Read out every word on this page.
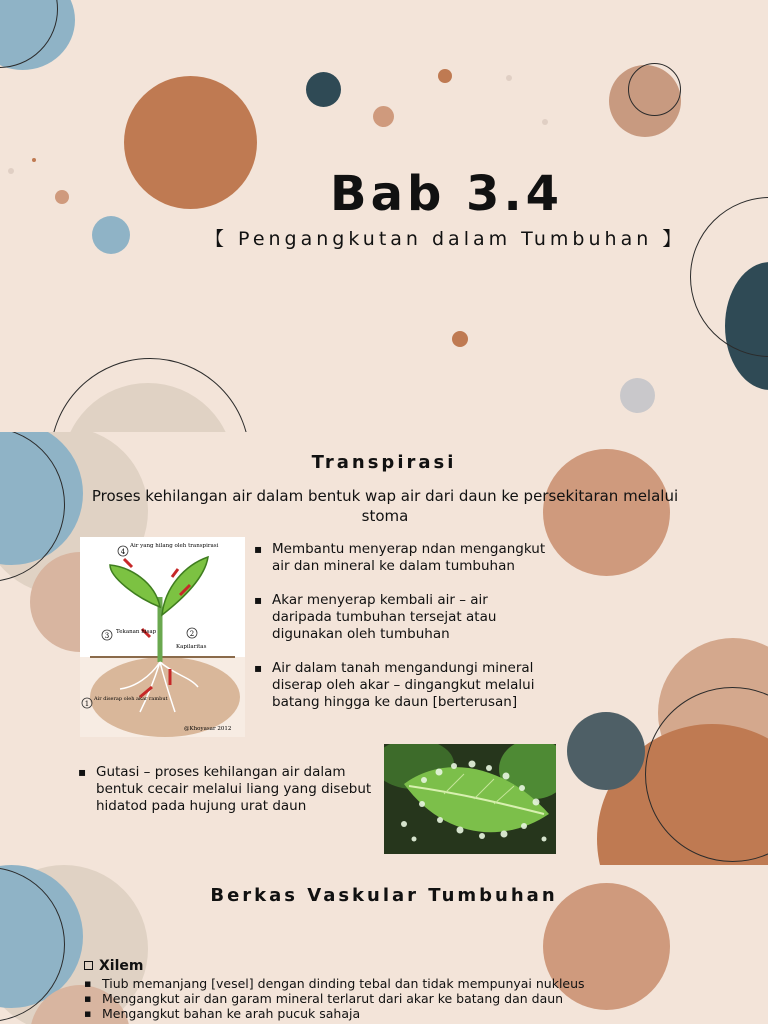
Bab 3.4
【 Pengangkutan dalam Tumbuhan 】
Transpirasi
Proses kehilangan air dalam bentuk wap air dari daun ke persekitaran melalui stoma
▪ Membantu menyerap ndan mengangkut air dan mineral ke dalam tumbuhan
▪ Akar menyerap kembali air – air daripada tumbuhan tersejat atau digunakan oleh tumbuhan
▪ Air dalam tanah mengandungi mineral diserap oleh akar – dingangkut melalui batang hingga ke daun [berterusan]
▪ Gutasi – proses kehilangan air dalam bentuk cecair melalui liang yang disebut hidatod pada hujung urat daun
4
Air yang hilang oleh transpirasi
3 Tekanan hisap	2
Kapilaritas
1
Air diserap oleh akar rambut
@Khoyasar 2012
Berkas Vaskular Tumbuhan
Xilem
▪ Tiub memanjang [vesel] dengan dinding tebal dan tidak mempunyai nukleus
▪ Mengangkut air dan garam mineral terlarut dari akar ke batang dan daun
▪ Mengangkut bahan ke arah pucuk sahaja
